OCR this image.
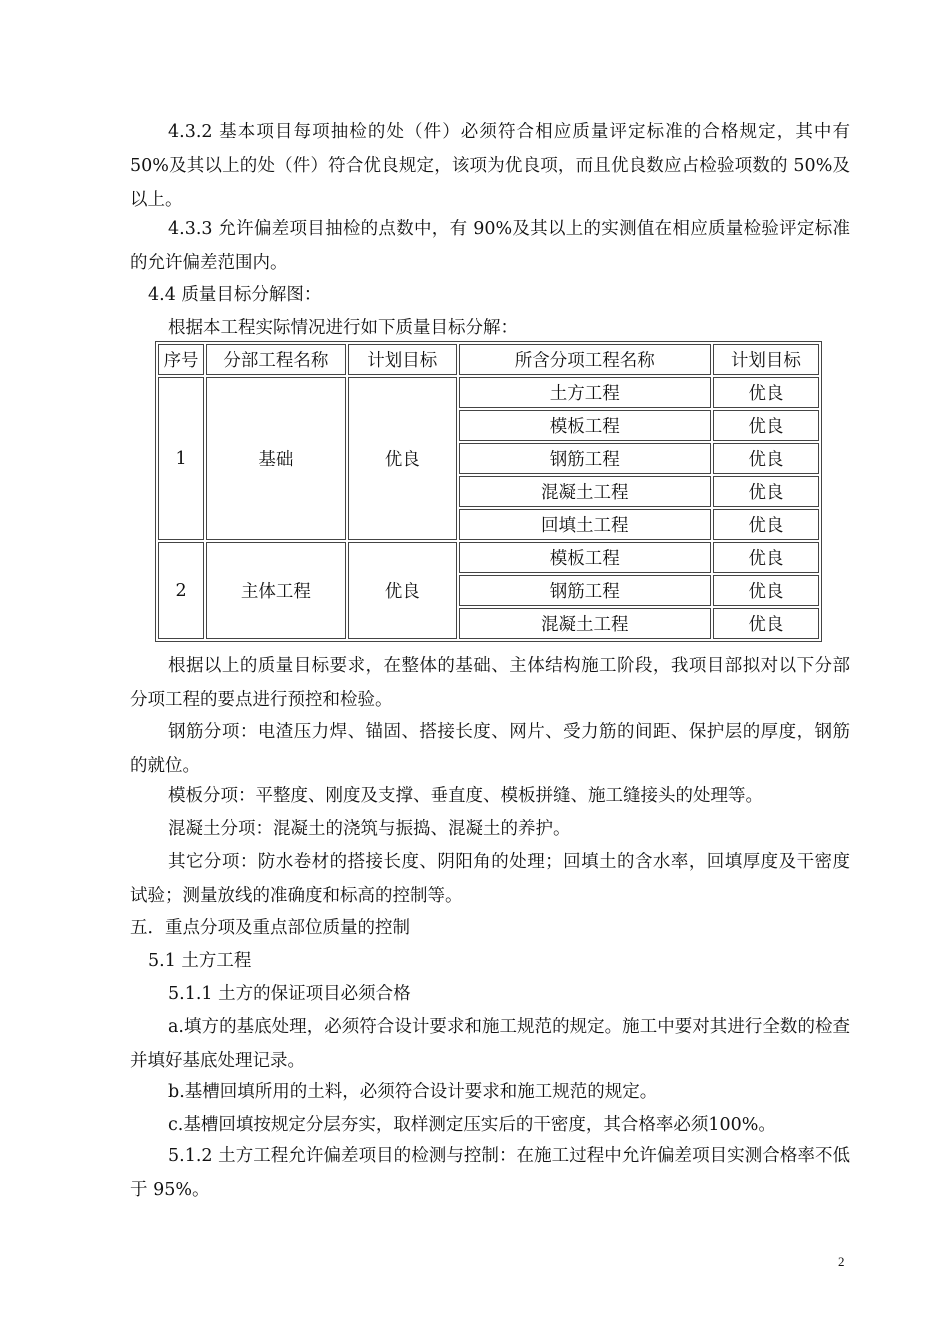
4.3.2 基本项目每项抽检的处（件）必须符合相应质量评定标准的合格规定，其中有 50%及其以上的处（件）符合优良规定，该项为优良项，而且优良数应占检验项数的 50%及以上。

4.3.3 允许偏差项目抽检的点数中，有 90%及其以上的实测值在相应质量检验评定标准的允许偏差范围内。

4.4 质量目标分解图：

根据本工程实际情况进行如下质量目标分解：

序号	分部工程名称	计划目标	所含分项工程名称	计划目标
1	基础	优良	土方工程	优良
			模板工程	优良
			钢筋工程	优良
			混凝土工程	优良
			回填土工程	优良
2	主体工程	优良	模板工程	优良
			钢筋工程	优良
			混凝土工程	优良

根据以上的质量目标要求，在整体的基础、主体结构施工阶段，我项目部拟对以下分部分项工程的要点进行预控和检验。

钢筋分项：电渣压力焊、锚固、搭接长度、网片、受力筋的间距、保护层的厚度，钢筋的就位。

模板分项：平整度、刚度及支撑、垂直度、模板拼缝、施工缝接头的处理等。

混凝土分项：混凝土的浇筑与振捣、混凝土的养护。

其它分项：防水卷材的搭接长度、阴阳角的处理；回填土的含水率，回填厚度及干密度试验；测量放线的准确度和标高的控制等。

五．重点分项及重点部位质量的控制

5.1 土方工程

5.1.1 土方的保证项目必须合格

a.填方的基底处理，必须符合设计要求和施工规范的规定。施工中要对其进行全数的检查并填好基底处理记录。

b.基槽回填所用的土料，必须符合设计要求和施工规范的规定。

c.基槽回填按规定分层夯实，取样测定压实后的干密度，其合格率必须100%。

5.1.2 土方工程允许偏差项目的检测与控制：在施工过程中允许偏差项目实测合格率不低于 95%。

2
